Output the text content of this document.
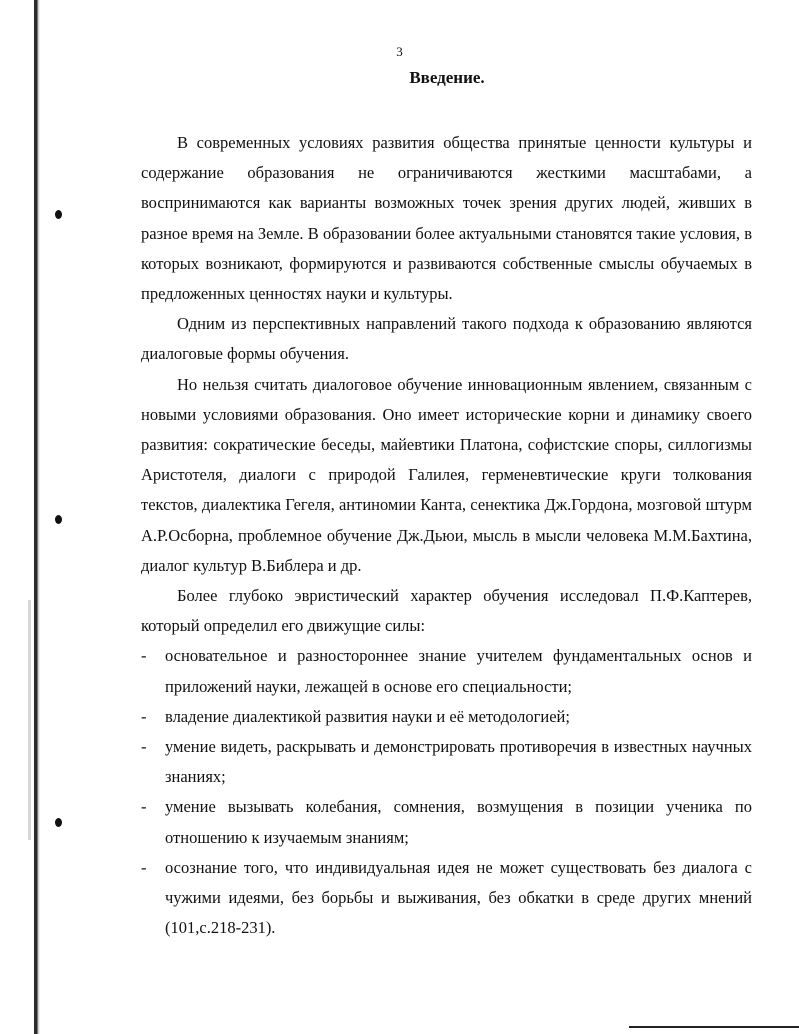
3
Введение.

В современных условиях развития общества принятые ценности культуры и содержание образования не ограничиваются жесткими масштабами, а воспринимаются как варианты возможных точек зрения других людей, живших в разное время на Земле. В образовании более актуальными становятся такие условия, в которых возникают, формируются и развиваются собственные смыслы обучаемых в предложенных ценностях науки и культуры.

Одним из перспективных направлений такого подхода к образованию являются диалоговые формы обучения.

Но нельзя считать диалоговое обучение инновационным явлением, связанным с новыми условиями образования. Оно имеет исторические корни и динамику своего развития: сократические беседы, майевтики Платона, софистские споры, силлогизмы Аристотеля, диалоги с природой Галилея, герменевтические круги толкования текстов, диалектика Гегеля, антиномии Канта, сенектика Дж.Гордона, мозговой штурм А.Р.Осборна, проблемное обучение Дж.Дьюи, мысль в мысли человека М.М.Бахтина, диалог культур В.Библера и др.

Более глубоко эвристический характер обучения исследовал П.Ф.Каптерев, который определил его движущие силы:

- основательное и разностороннее знание учителем фундаментальных основ и приложений науки, лежащей в основе его специальности;
- владение диалектикой развития науки и её методологией;
- умение видеть, раскрывать и демонстрировать противоречия в известных научных знаниях;
- умение вызывать колебания, сомнения, возмущения в позиции ученика по отношению к изучаемым знаниям;
- осознание того, что индивидуальная идея не может существовать без диалога с чужими идеями, без борьбы и выживания, без обкатки в среде других мнений (101,с.218-231).
